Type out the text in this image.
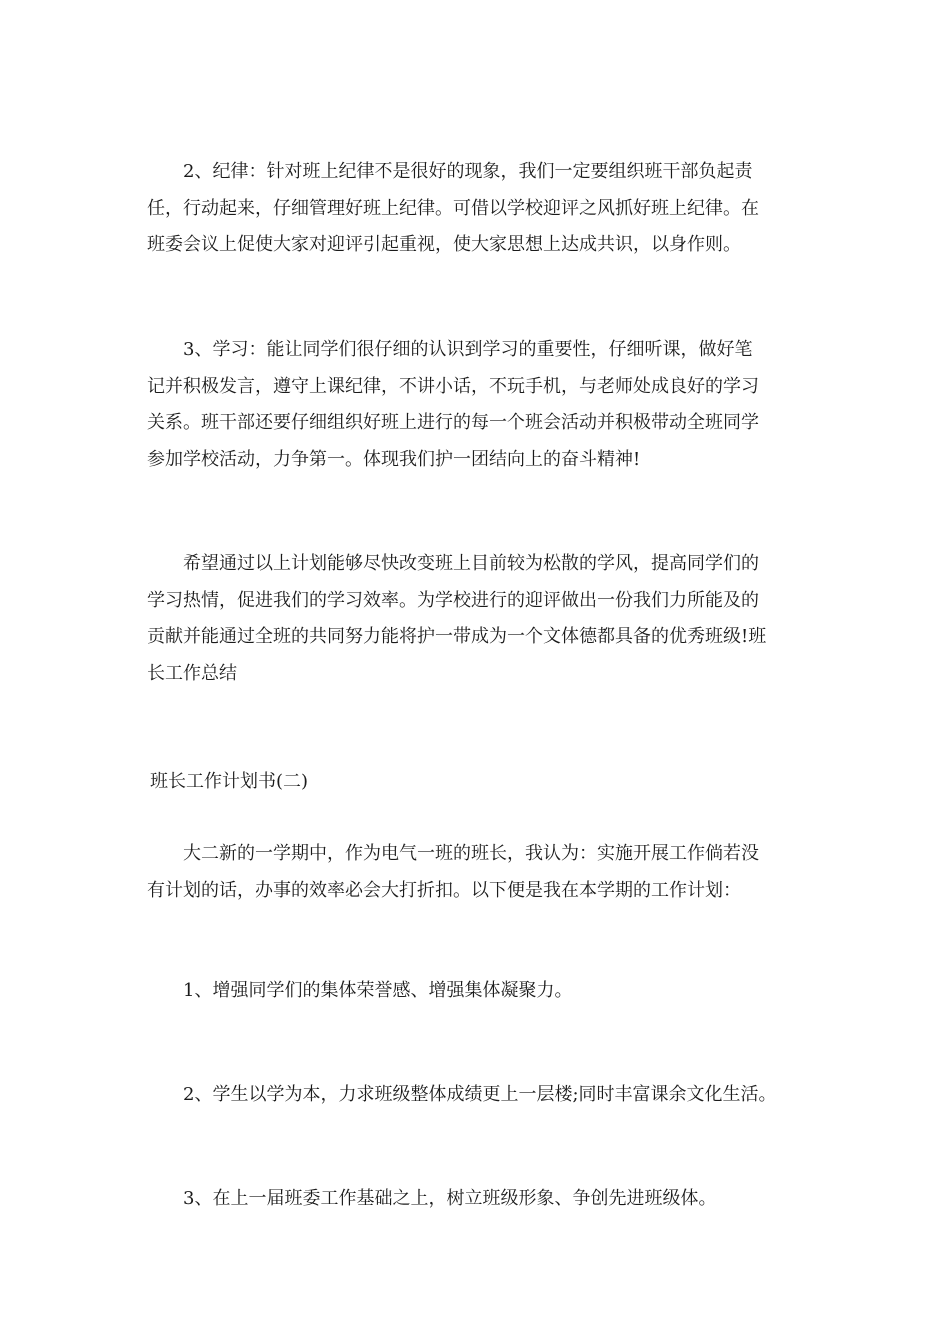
2、纪律：针对班上纪律不是很好的现象，我们一定要组织班干部负起责
任，行动起来，仔细管理好班上纪律。可借以学校迎评之风抓好班上纪律。在
班委会议上促使大家对迎评引起重视，使大家思想上达成共识，以身作则。

3、学习：能让同学们很仔细的认识到学习的重要性，仔细听课，做好笔
记并积极发言，遵守上课纪律，不讲小话，不玩手机，与老师处成良好的学习
关系。班干部还要仔细组织好班上进行的每一个班会活动并积极带动全班同学
参加学校活动，力争第一。体现我们护一团结向上的奋斗精神!

希望通过以上计划能够尽快改变班上目前较为松散的学风，提高同学们的
学习热情，促进我们的学习效率。为学校进行的迎评做出一份我们力所能及的
贡献并能通过全班的共同努力能将护一带成为一个文体德都具备的优秀班级!班
长工作总结

班长工作计划书(二)

大二新的一学期中，作为电气一班的班长，我认为：实施开展工作倘若没
有计划的话，办事的效率必会大打折扣。以下便是我在本学期的工作计划：

1、增强同学们的集体荣誉感、增强集体凝聚力。

2、学生以学为本，力求班级整体成绩更上一层楼;同时丰富课余文化生活。

3、在上一届班委工作基础之上，树立班级形象、争创先进班级体。
